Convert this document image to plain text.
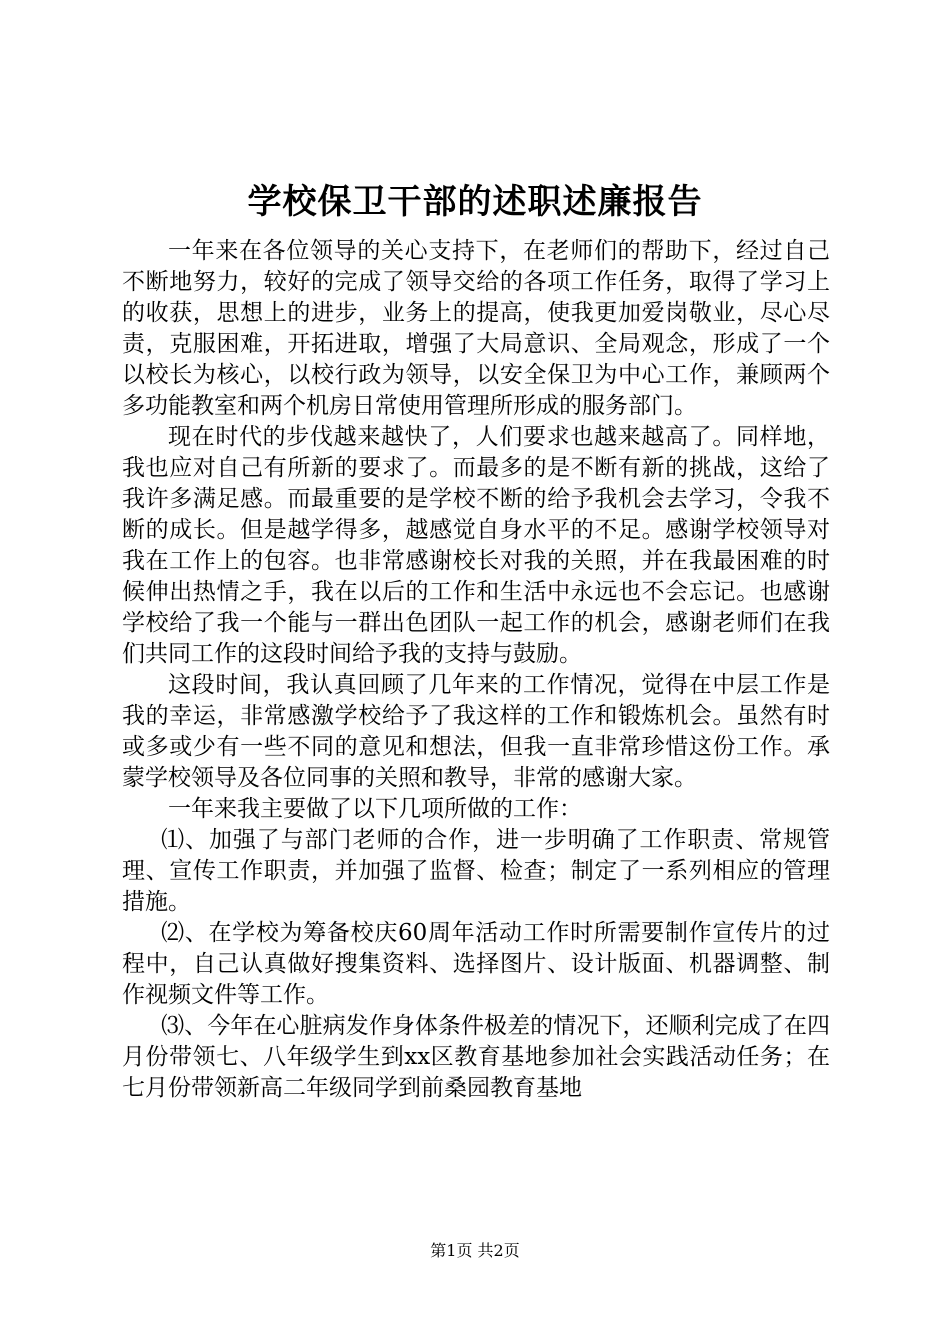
学校保卫干部的述职述廉报告

一年来在各位领导的关心支持下，在老师们的帮助下，经过自己不断地努力，较好的完成了领导交给的各项工作任务，取得了学习上的收获，思想上的进步，业务上的提高，使我更加爱岗敬业，尽心尽责，克服困难，开拓进取，增强了大局意识、全局观念，形成了一个以校长为核心，以校行政为领导，以安全保卫为中心工作，兼顾两个多功能教室和两个机房日常使用管理所形成的服务部门。

现在时代的步伐越来越快了，人们要求也越来越高了。同样地，我也应对自己有所新的要求了。而最多的是不断有新的挑战，这给了我许多满足感。而最重要的是学校不断的给予我机会去学习，令我不断的成长。但是越学得多，越感觉自身水平的不足。感谢学校领导对我在工作上的包容。也非常感谢校长对我的关照，并在我最困难的时候伸出热情之手，我在以后的工作和生活中永远也不会忘记。也感谢学校给了我一个能与一群出色团队一起工作的机会，感谢老师们在我们共同工作的这段时间给予我的支持与鼓励。

这段时间，我认真回顾了几年来的工作情况，觉得在中层工作是我的幸运，非常感激学校给予了我这样的工作和锻炼机会。虽然有时或多或少有一些不同的意见和想法，但我一直非常珍惜这份工作。承蒙学校领导及各位同事的关照和教导，非常的感谢大家。

一年来我主要做了以下几项所做的工作：

⑴、加强了与部门老师的合作，进一步明确了工作职责、常规管理、宣传工作职责，并加强了监督、检查；制定了一系列相应的管理措施。

⑵、在学校为筹备校庆60周年活动工作时所需要制作宣传片的过程中，自己认真做好搜集资料、选择图片、设计版面、机器调整、制作视频文件等工作。

⑶、今年在心脏病发作身体条件极差的情况下，还顺利完成了在四月份带领七、八年级学生到xx区教育基地参加社会实践活动任务；在七月份带领新高二年级同学到前桑园教育基地

第1页 共2页
